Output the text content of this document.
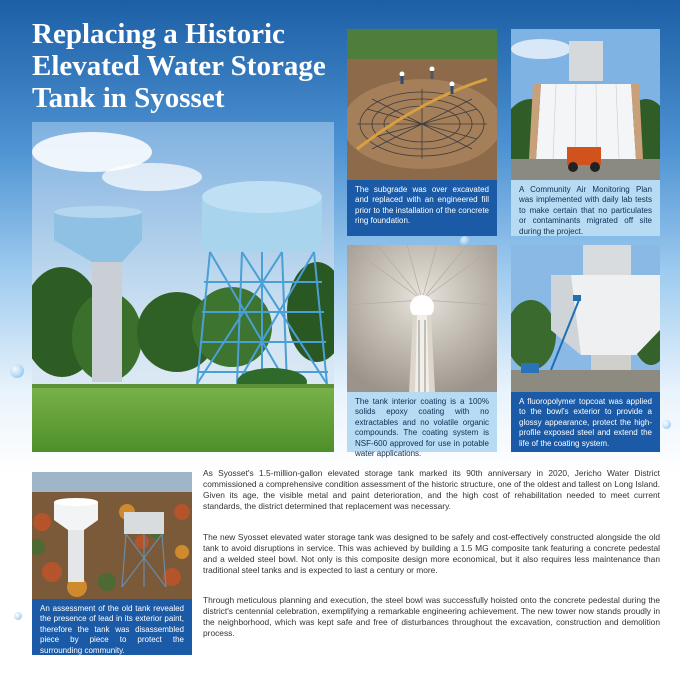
Replacing a Historic Elevated Water Storage Tank in Syosset
The subgrade was over excavated and replaced with an engineered fill prior to the installation of the concrete ring foundation.
A Community Air Monitoring Plan was implemented with daily lab tests to make certain that no particulates or contaminants migrated off site during the project.
The tank interior coating is a 100% solids epoxy coating with no extractables and no volatile organic compounds. The coating system is NSF-600 approved for use in potable water applications.
A fluoropolymer topcoat was applied to the bowl's exterior to provide a glossy appearance, protect the high-profile exposed steel and extend the life of the coating system.
An assessment of the old tank revealed the presence of lead in its exterior paint, therefore the tank was disassembled piece by piece to protect the surrounding community.

As Syosset's 1.5-million-gallon elevated storage tank marked its 90th anniversary in 2020, Jericho Water District commissioned a comprehensive condition assessment of the historic structure, one of the oldest and tallest on Long Island. Given its age, the visible metal and paint deterioration, and the high cost of rehabilitation needed to meet current standards, the district determined that replacement was necessary.

The new Syosset elevated water storage tank was designed to be safely and cost-effectively constructed alongside the old tank to avoid disruptions in service. This was achieved by building a 1.5 MG composite tank featuring a concrete pedestal and a welded steel bowl. Not only is this composite design more economical, but it also requires less maintenance than traditional steel tanks and is expected to last a century or more.

Through meticulous planning and execution, the steel bowl was successfully hoisted onto the concrete pedestal during the district's centennial celebration, exemplifying a remarkable engineering achievement. The new tower now stands proudly in the neighborhood, which was kept safe and free of disturbances throughout the excavation, construction and demolition process.
